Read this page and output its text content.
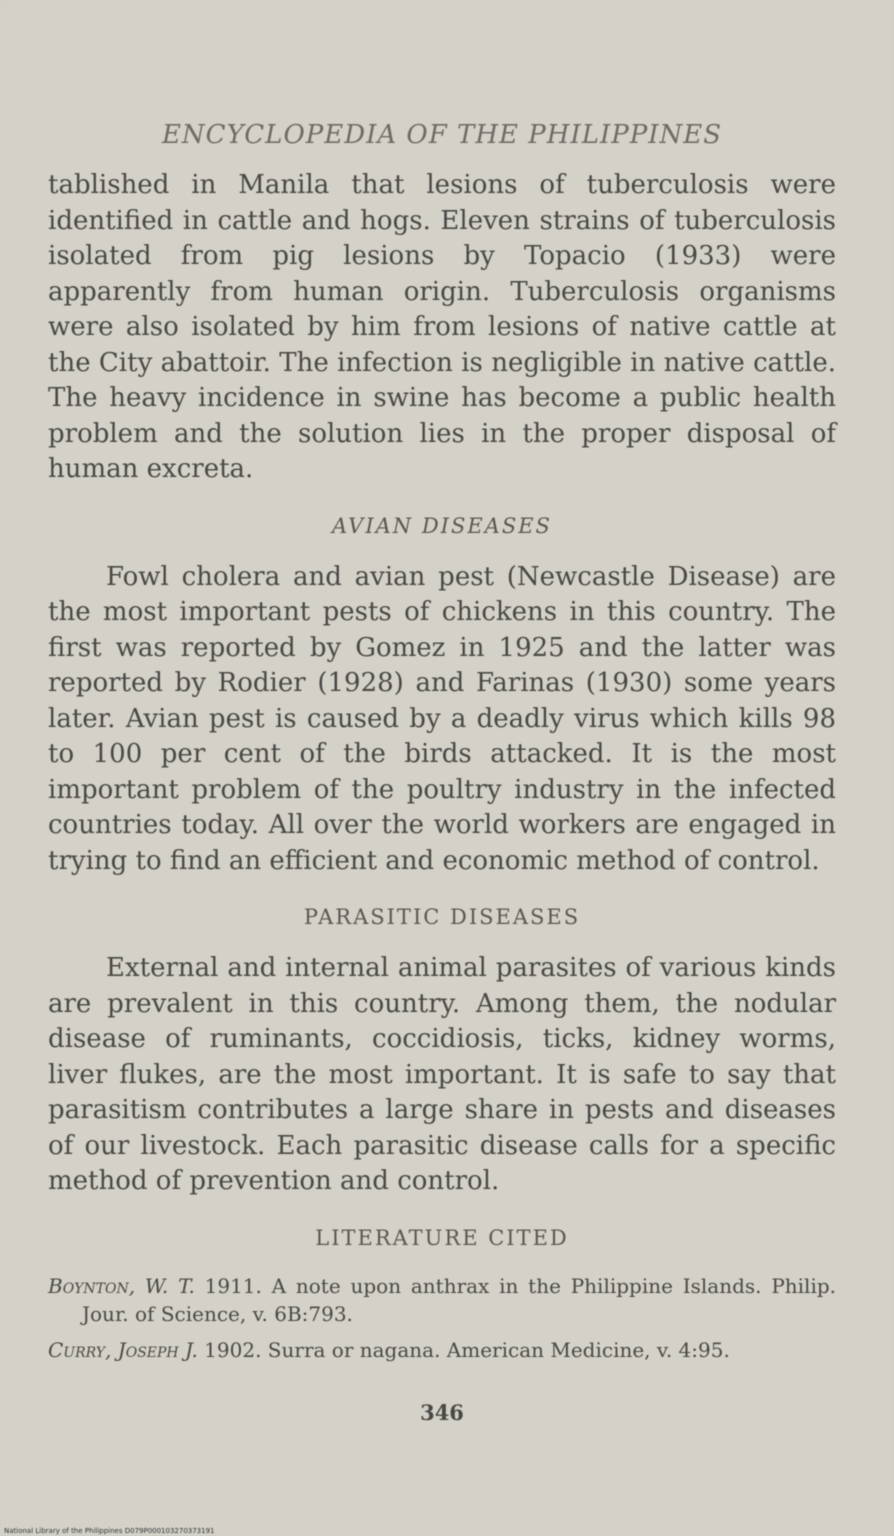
ENCYCLOPEDIA OF THE PHILIPPINES

tablished in Manila that lesions of tuberculosis were identified in cattle and hogs. Eleven strains of tuberculosis isolated from pig lesions by Topacio (1933) were apparently from human origin. Tuberculosis organisms were also isolated by him from lesions of native cattle at the City abattoir. The infection is negligible in native cattle. The heavy incidence in swine has become a public health problem and the solution lies in the proper disposal of human excreta.

AVIAN DISEASES

Fowl cholera and avian pest (Newcastle Disease) are the most important pests of chickens in this country. The first was reported by Gomez in 1925 and the latter was reported by Rodier (1928) and Farinas (1930) some years later. Avian pest is caused by a deadly virus which kills 98 to 100 per cent of the birds attacked. It is the most important problem of the poultry industry in the infected countries today. All over the world workers are engaged in trying to find an efficient and economic method of control.

PARASITIC DISEASES

External and internal animal parasites of various kinds are prevalent in this country. Among them, the nodular disease of ruminants, coccidiosis, ticks, kidney worms, liver flukes, are the most important. It is safe to say that parasitism contributes a large share in pests and diseases of our livestock. Each parasitic disease calls for a specific method of prevention and control.

LITERATURE CITED

Boynton, W. T. 1911. A note upon anthrax in the Philippine Islands. Philip. Jour. of Science, v. 6B:793.

Curry, Joseph J. 1902. Surra or nagana. American Medicine, v. 4:95.

346
National Library of the Philippines D079P000103270373191
